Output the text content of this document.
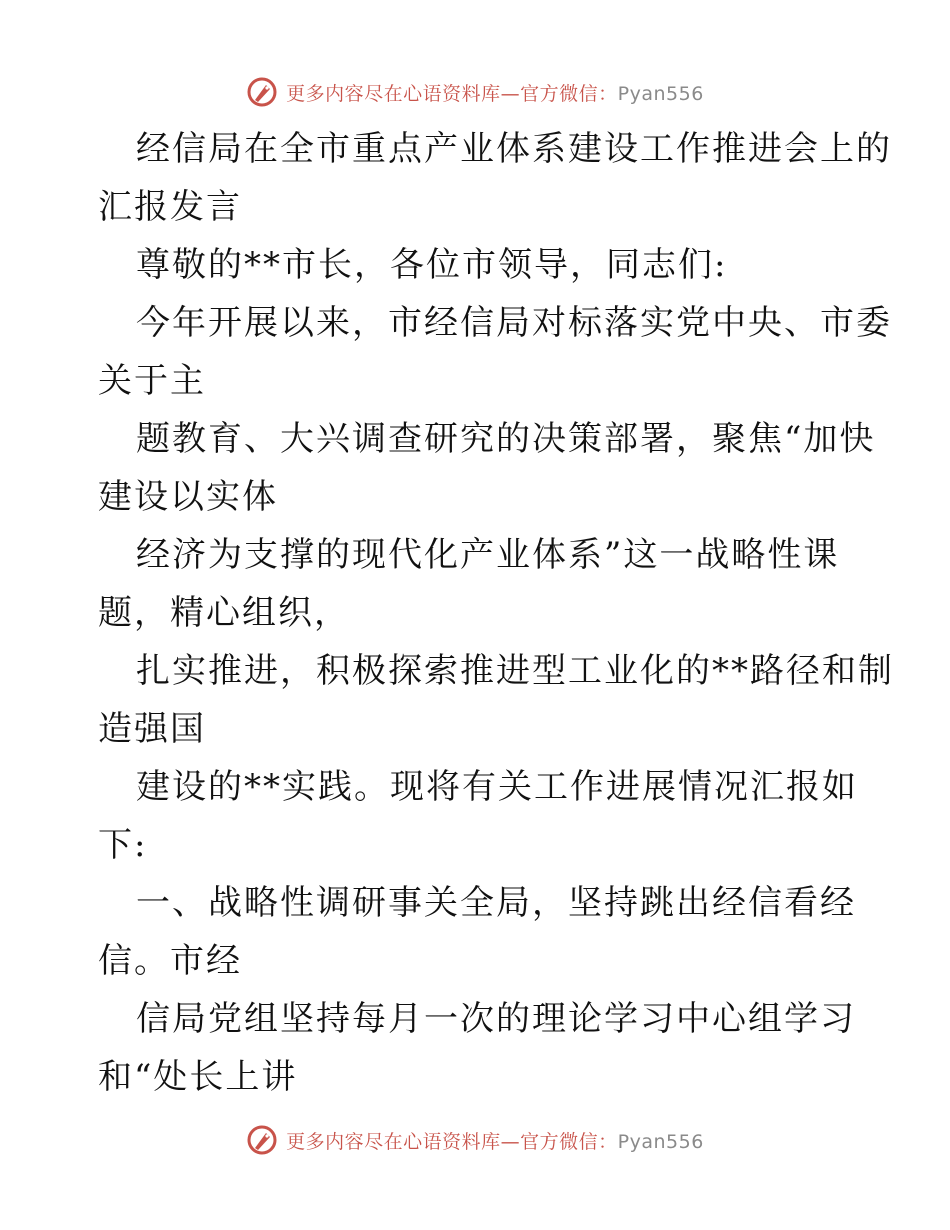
更多内容尽在心语资料库—官方微信：Pyan556
经信局在全市重点产业体系建设工作推进会上的
汇报发言
尊敬的**市长，各位市领导，同志们:
今年开展以来，市经信局对标落实党中央、市委
关于主
题教育、大兴调查研究的决策部署，聚焦“加快
建设以实体
经济为支撑的现代化产业体系”这一战略性课
题，精心组织，
扎实推进，积极探索推进型工业化的**路径和制
造强国
建设的**实践。现将有关工作进展情况汇报如
下:
一、战略性调研事关全局，坚持跳出经信看经
信。市经
信局党组坚持每月一次的理论学习中心组学习
和“处长上讲
更多内容尽在心语资料库—官方微信：Pyan556
